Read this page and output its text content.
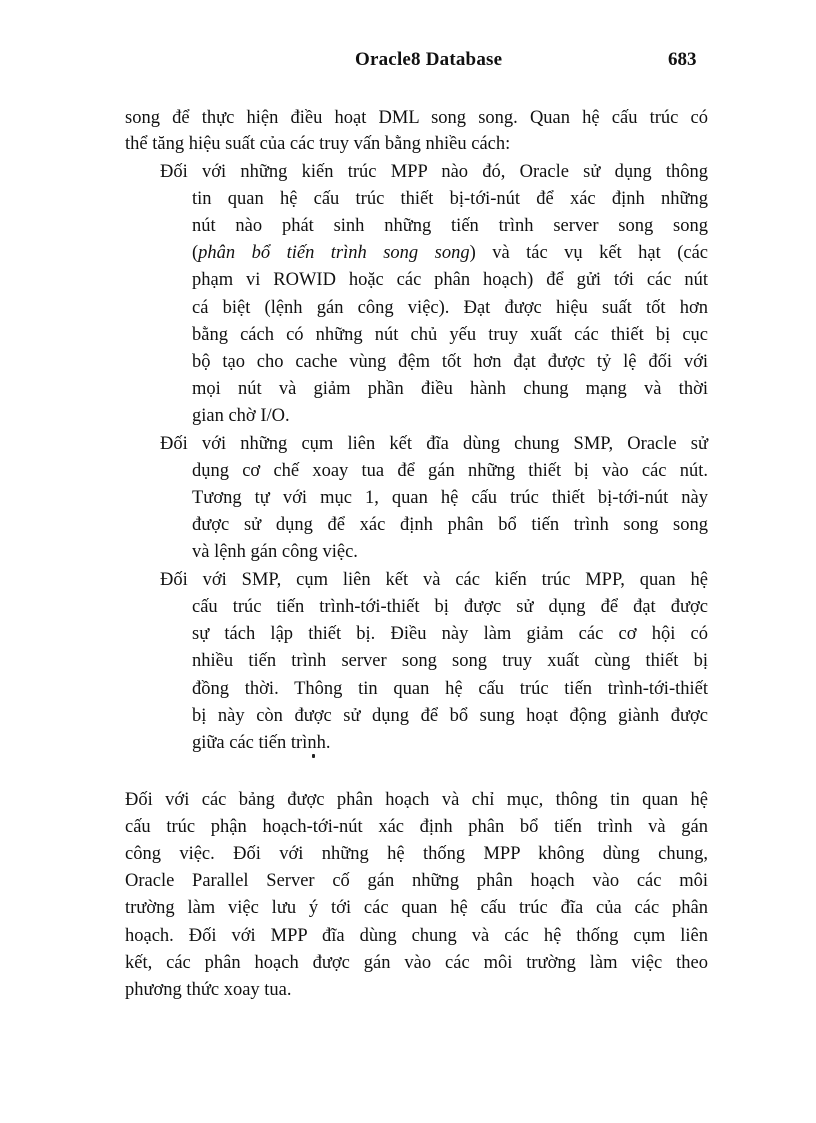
Oracle8 Database	683
song để thực hiện điều hoạt DML song song. Quan hệ cấu trúc có
thể tăng hiệu suất của các truy vấn bằng nhiều cách:
Đối với những kiến trúc MPP nào đó, Oracle sử dụng thông
tin quan hệ cấu trúc thiết bị-tới-nút để xác định những
nút nào phát sinh những tiến trình server song song
(phân bổ tiến trình song song) và tác vụ kết hạt (các
phạm vi ROWID hoặc các phân hoạch) để gửi tới các nút
cá biệt (lệnh gán công việc). Đạt được hiệu suất tốt hơn
bằng cách có những nút chủ yếu truy xuất các thiết bị cục
bộ tạo cho cache vùng đệm tốt hơn đạt được tỷ lệ đối với
mọi nút và giảm phần điều hành chung mạng và thời
gian chờ I/O.
Đối với những cụm liên kết đĩa dùng chung SMP, Oracle sử
dụng cơ chế xoay tua để gán những thiết bị vào các nút.
Tương tự với mục 1, quan hệ cấu trúc thiết bị-tới-nút này
được sử dụng để xác định phân bổ tiến trình song song
và lệnh gán công việc.
Đối với SMP, cụm liên kết và các kiến trúc MPP, quan hệ
cấu trúc tiến trình-tới-thiết bị được sử dụng để đạt được
sự tách lập thiết bị. Điều này làm giảm các cơ hội có
nhiều tiến trình server song song truy xuất cùng thiết bị
đồng thời. Thông tin quan hệ cấu trúc tiến trình-tới-thiết
bị này còn được sử dụng để bổ sung hoạt động giành được
giữa các tiến trình.
Đối với các bảng được phân hoạch và chỉ mục, thông tin quan hệ
cấu trúc phận hoạch-tới-nút xác định phân bổ tiến trình và gán
công việc. Đối với những hệ thống MPP không dùng chung,
Oracle Parallel Server cố gán những phân hoạch vào các môi
trường làm việc lưu ý tới các quan hệ cấu trúc đĩa của các phân
hoạch. Đối với MPP đĩa dùng chung và các hệ thống cụm liên
kết, các phân hoạch được gán vào các môi trường làm việc theo
phương thức xoay tua.
